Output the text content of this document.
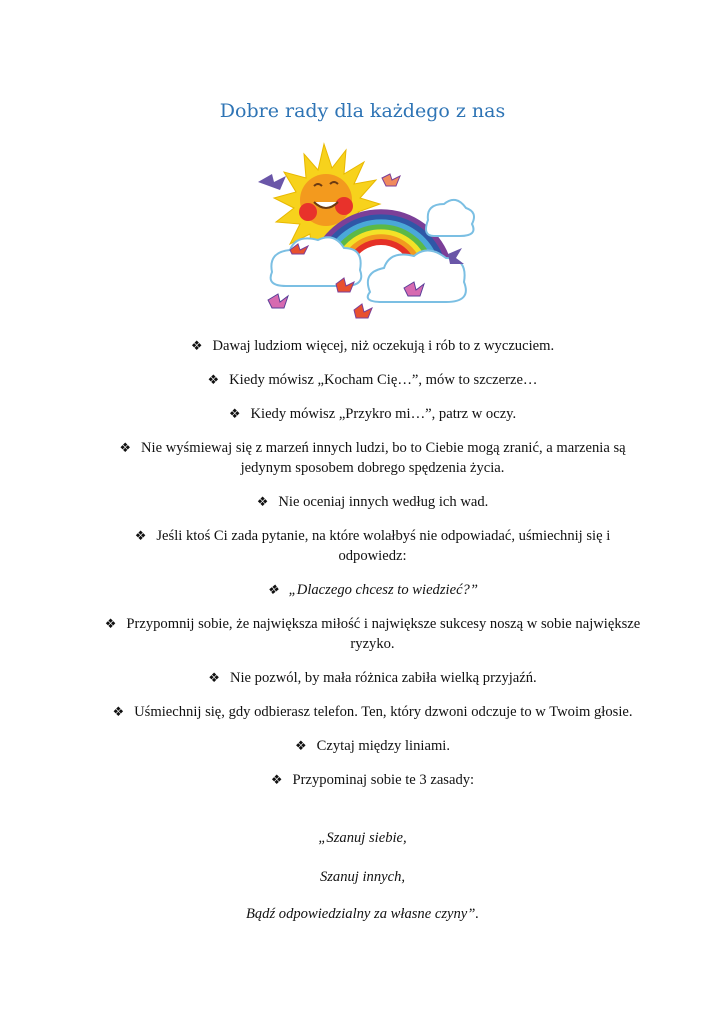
Dobre rady dla każdego z nas
❖ Dawaj ludziom więcej, niż oczekują i rób to z wyczuciem.
❖ Kiedy mówisz „Kocham Cię…”, mów to szczerze…
❖ Kiedy mówisz „Przykro mi…”, patrz w oczy.
❖ Nie wyśmiewaj się z marzeń innych ludzi, bo to Ciebie mogą zranić, a marzenia są jedynym sposobem dobrego spędzenia życia.
❖ Nie oceniaj innych według ich wad.
❖ Jeśli ktoś Ci zada pytanie, na które wolałbyś nie odpowiadać, uśmiechnij się i odpowiedz:
❖ „Dlaczego chcesz to wiedzieć?”
❖ Przypomnij sobie, że największa miłość i największe sukcesy noszą w sobie największe ryzyko.
❖ Nie pozwól, by mała różnica zabiła wielką przyjaźń.
❖ Uśmiechnij się, gdy odbierasz telefon. Ten, który dzwoni odczuje to w Twoim głosie.
❖ Czytaj między liniami.
❖ Przypominaj sobie te 3 zasady:
„Szanuj siebie,
Szanuj innych,
Bądź odpowiedzialny za własne czyny”.
